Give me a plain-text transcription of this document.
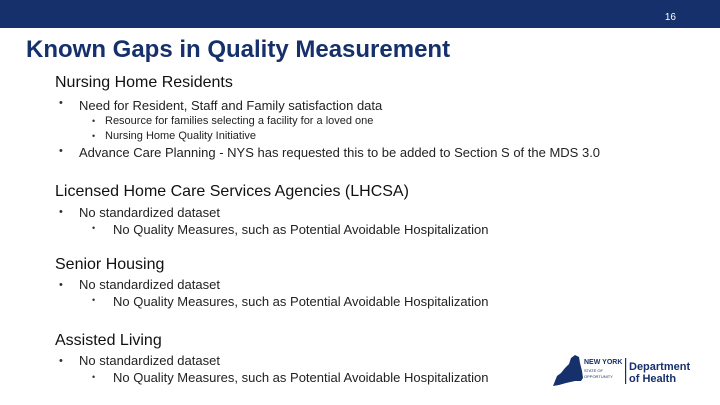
16
Known Gaps in Quality Measurement
Nursing Home Residents
• Need for Resident, Staff and Family satisfaction data
• Resource for families selecting a facility for a loved one
• Nursing Home Quality Initiative
• Advance Care Planning - NYS has requested this to be added to Section S of the MDS 3.0
Licensed Home Care Services Agencies (LHCSA)
• No standardized dataset
• No Quality Measures, such as Potential Avoidable Hospitalization
Senior Housing
• No standardized dataset
• No Quality Measures, such as Potential Avoidable Hospitalization
Assisted Living
• No standardized dataset
• No Quality Measures, such as Potential Avoidable Hospitalization
NEW YORK
STATE OF
OPPORTUNITY
Department
of Health
